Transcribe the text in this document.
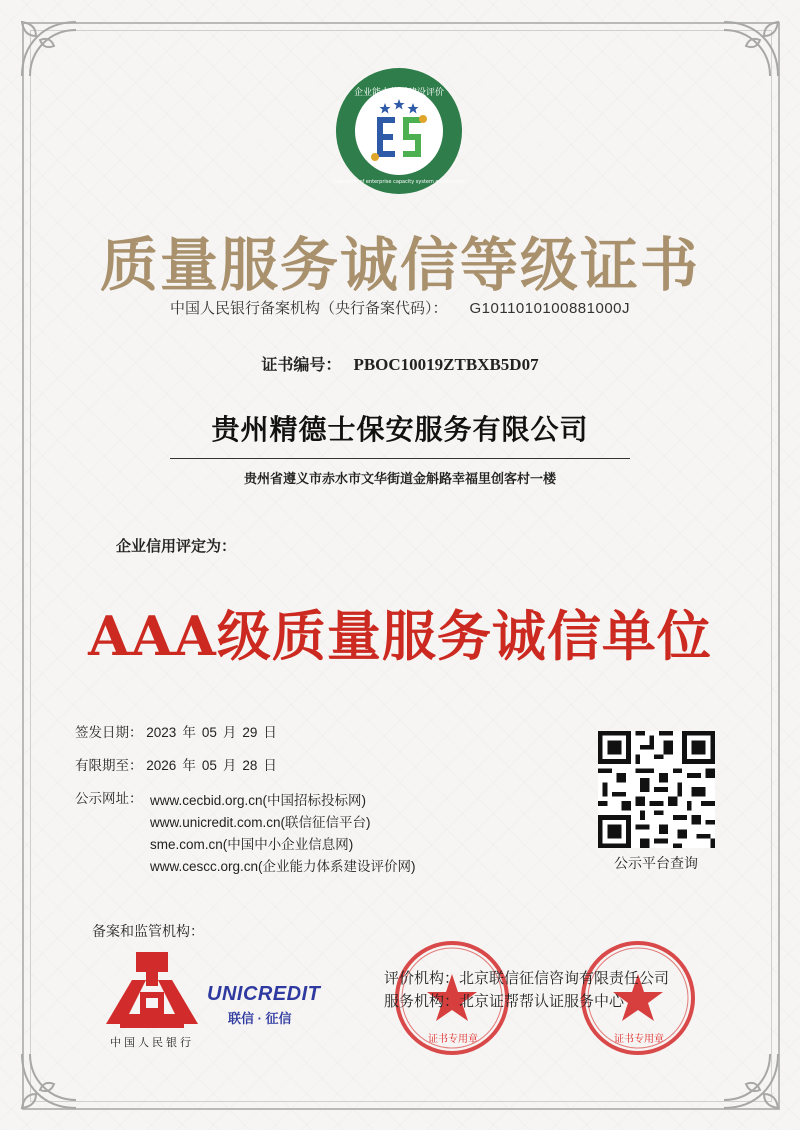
企业能力体系建设评价
Evaluation of enterprise capacity system construction
质量服务诚信等级证书
中国人民银行备案机构（央行备案代码）： G1011010100881000J
证书编号： PBOC10019ZTBXB5D07
贵州精德士保安服务有限公司
贵州省遵义市赤水市文华街道金斛路幸福里创客村一楼
企业信用评定为：
AAA级质量服务诚信单位
签发日期： 2023 年 05 月 29 日
有限期至： 2026 年 05 月 28 日
公示网址： www.cecbid.org.cn(中国招标投标网)
www.unicredit.com.cn(联信征信平台)
sme.com.cn(中国中小企业信息网)
www.cescc.org.cn(企业能力体系建设评价网)	公示平台查询
备案和监管机构：
中国人民银行
UNICREDIT
联信 · 征信
证书专用章	证书专用章
评价机构：北京联信征信咨询有限责任公司
服务机构：北京证帮帮认证服务中心
